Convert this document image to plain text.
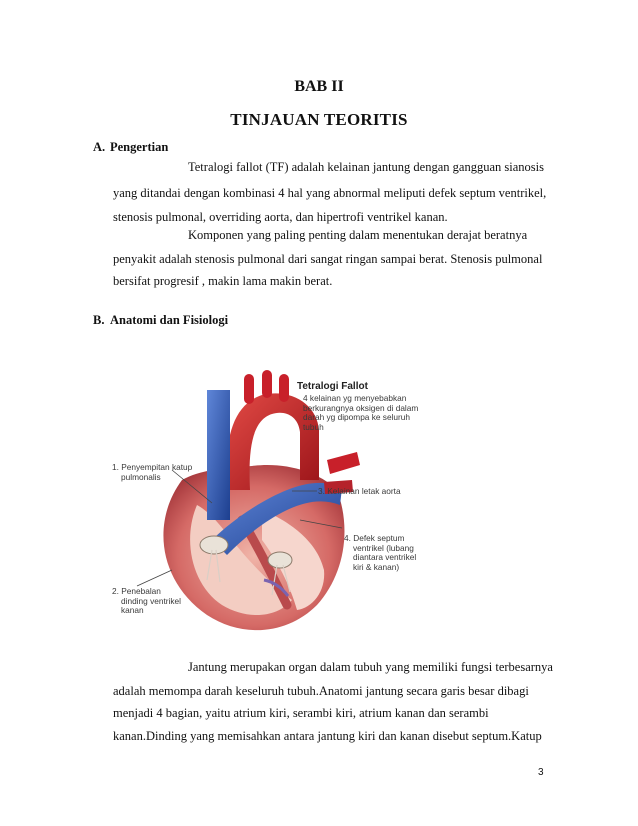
BAB II
TINJAUAN TEORITIS
A. Pengertian
Tetralogi fallot (TF) adalah kelainan jantung dengan gangguan sianosis
yang ditandai dengan kombinasi 4 hal yang abnormal meliputi defek septum ventrikel,
stenosis pulmonal, overriding aorta, dan hipertrofi ventrikel kanan.
Komponen yang paling penting dalam menentukan derajat beratnya
penyakit adalah stenosis pulmonal dari sangat ringan sampai berat. Stenosis pulmonal
bersifat progresif , makin lama makin berat.
B. Anatomi dan Fisiologi
Tetralogi Fallot
4 kelainan yg menyebabkan
berkurangnya oksigen di dalam
darah yg dipompa ke seluruh
tubuh
1. Penyempitan katup
pulmonalis
3. Kelainan letak aorta
4. Defek septum
ventrikel (lubang
diantara ventrikel
kiri & kanan)
2. Penebalan
dinding ventrikel
kanan
Jantung merupakan organ dalam tubuh yang memiliki fungsi terbesarnya
adalah memompa darah keseluruh tubuh.Anatomi jantung secara garis besar dibagi
menjadi 4 bagian, yaitu atrium kiri, serambi kiri, atrium kanan dan serambi
kanan.Dinding yang memisahkan antara jantung kiri dan kanan disebut septum.Katup
3
